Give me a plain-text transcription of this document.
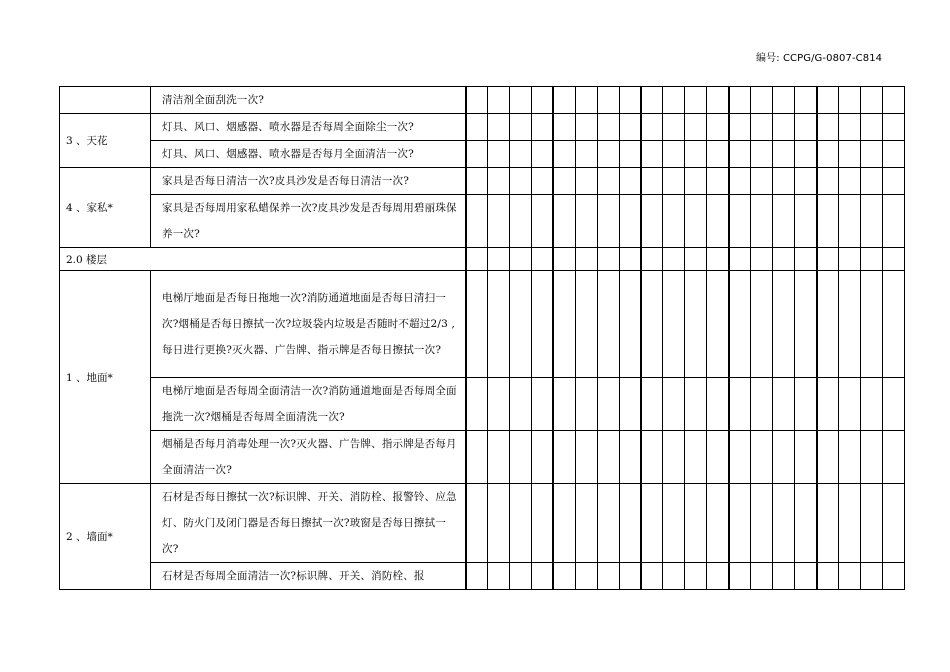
编号: CCPG/G-0807-C814
	清洁剂全面刮洗一次?																				
3 、天花	灯具、风口、烟感器、喷水器是否每周全面除尘一次?																				
	灯具、风口、烟感器、喷水器是否每月全面清洁一次?																				
4 、家私*	家具是否每日清洁一次?皮具沙发是否每日清洁一次?																				
	家具是否每周用家私蜡保养一次?皮具沙发是否每周用碧丽珠保养一次?																				
2.0 楼层																					
1 、地面*	电梯厅地面是否每日拖地一次?消防通道地面是否每日清扫一次?烟桶是否每日擦拭一次?垃圾袋内垃圾是否随时不超过2/3 ,每日进行更换?灭火器、广告牌、指示牌是否每日擦拭一次?																				
	电梯厅地面是否每周全面清洁一次?消防通道地面是否每周全面拖洗一次?烟桶是否每周全面清洗一次?																				
	烟桶是否每月消毒处理一次?灭火器、广告牌、指示牌是否每月全面清洁一次?																				
2 、墙面*	石材是否每日擦拭一次?标识牌、开关、消防栓、报警铃、应急灯、防火门及闭门器是否每日擦拭一次?玻窗是否每日擦拭一次?																				
	石材是否每周全面清洁一次?标识牌、开关、消防栓、报																				
